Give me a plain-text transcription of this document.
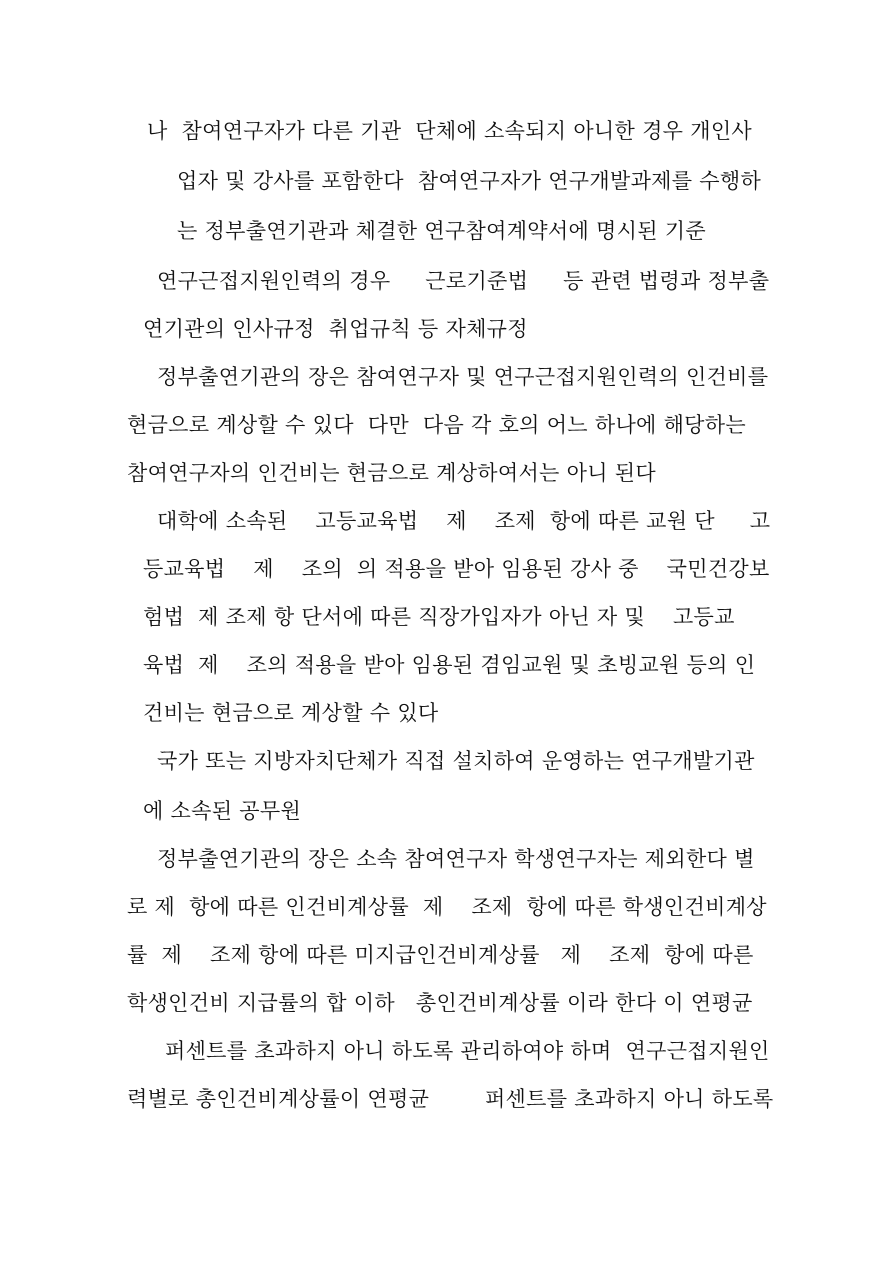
나  참여연구자가 다른 기관  단체에 소속되지 아니한 경우 개인사
업자 및 강사를 포함한다  참여연구자가 연구개발과제를 수행하
는 정부출연기관과 체결한 연구참여계약서에 명시된 기준
연구근접지원인력의 경우     근로기준법     등 관련 법령과 정부출
연기관의 인사규정  취업규칙 등 자체규정
정부출연기관의 장은 참여연구자 및 연구근접지원인력의 인건비를
현금으로 계상할 수 있다  다만  다음 각 호의 어느 하나에 해당하는
참여연구자의 인건비는 현금으로 계상하여서는 아니 된다
대학에 소속된    고등교육법    제    조제  항에 따른 교원 단     고
등교육법    제    조의  의 적용을 받아 임용된 강사 중    국민건강보
험법  제 조제 항 단서에 따른 직장가입자가 아닌 자 및    고등교
육법  제    조의 적용을 받아 임용된 겸임교원 및 초빙교원 등의 인
건비는 현금으로 계상할 수 있다
국가 또는 지방자치단체가 직접 설치하여 운영하는 연구개발기관
에 소속된 공무원
정부출연기관의 장은 소속 참여연구자 학생연구자는 제외한다 별
로 제  항에 따른 인건비계상률  제    조제  항에 따른 학생인건비계상
률  제    조제 항에 따른 미지급인건비계상률   제    조제  항에 따른
학생인건비 지급률의 합 이하   총인건비계상률 이라 한다 이 연평균
퍼센트를 초과하지 아니 하도록 관리하여야 하며  연구근접지원인
력별로 총인건비계상률이 연평균        퍼센트를 초과하지 아니 하도록
